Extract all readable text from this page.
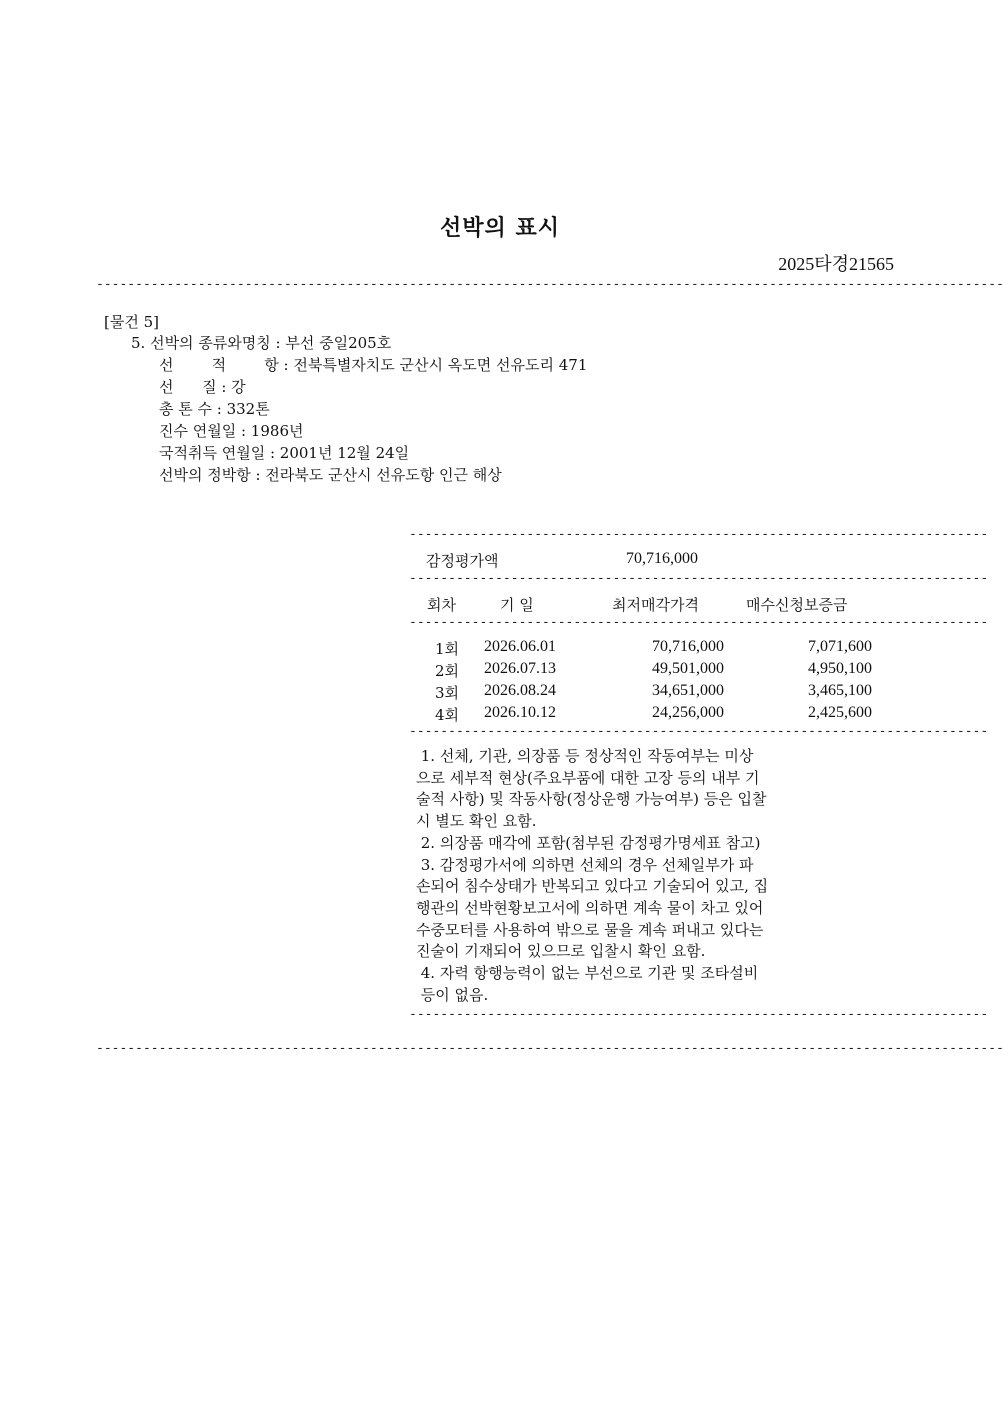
선박의 표시
2025타경21565
--------------------------------------------------------------------------------------------------------------------
[물건 5]
5. 선박의 종류와명칭 : 부선 중일205호
선        적        항 : 전북특별자치도 군산시 옥도면 선유도리 471
선      질 : 강
총 톤 수 : 332톤
진수 연월일 : 1986년
국적취득 연월일 : 2001년 12월 24일
선박의 정박항 : 전라북도 군산시 선유도항 인근 해상
--------------------------------------------------------------------------
감정평가액	70,716,000
--------------------------------------------------------------------------
회차	기 일	최저매각가격	매수신청보증금
--------------------------------------------------------------------------
1회 2026.06.01	70,716,000	7,071,600
2회 2026.07.13	49,501,000	4,950,100
3회 2026.08.24	34,651,000	3,465,100
4회 2026.10.12	24,256,000	2,425,600
--------------------------------------------------------------------------
1. 선체, 기관, 의장품 등 정상적인 작동여부는 미상
으로 세부적 현상(주요부품에 대한 고장 등의 내부 기
술적 사항) 및 작동사항(정상운행 가능여부) 등은 입찰
시 별도 확인 요함.
2. 의장품 매각에 포함(첨부된 감정평가명세표 참고)
3. 감정평가서에 의하면 선체의 경우 선체일부가 파
손되어 침수상태가 반복되고 있다고 기술되어 있고, 집
행관의 선박현황보고서에 의하면 계속 물이 차고 있어
수중모터를 사용하여 밖으로 물을 계속 퍼내고 있다는
진술이 기재되어 있으므로 입찰시 확인 요함.
4. 자력 항행능력이 없는 부선으로 기관 및 조타설비
등이 없음.
--------------------------------------------------------------------------
--------------------------------------------------------------------------------------------------------------------
